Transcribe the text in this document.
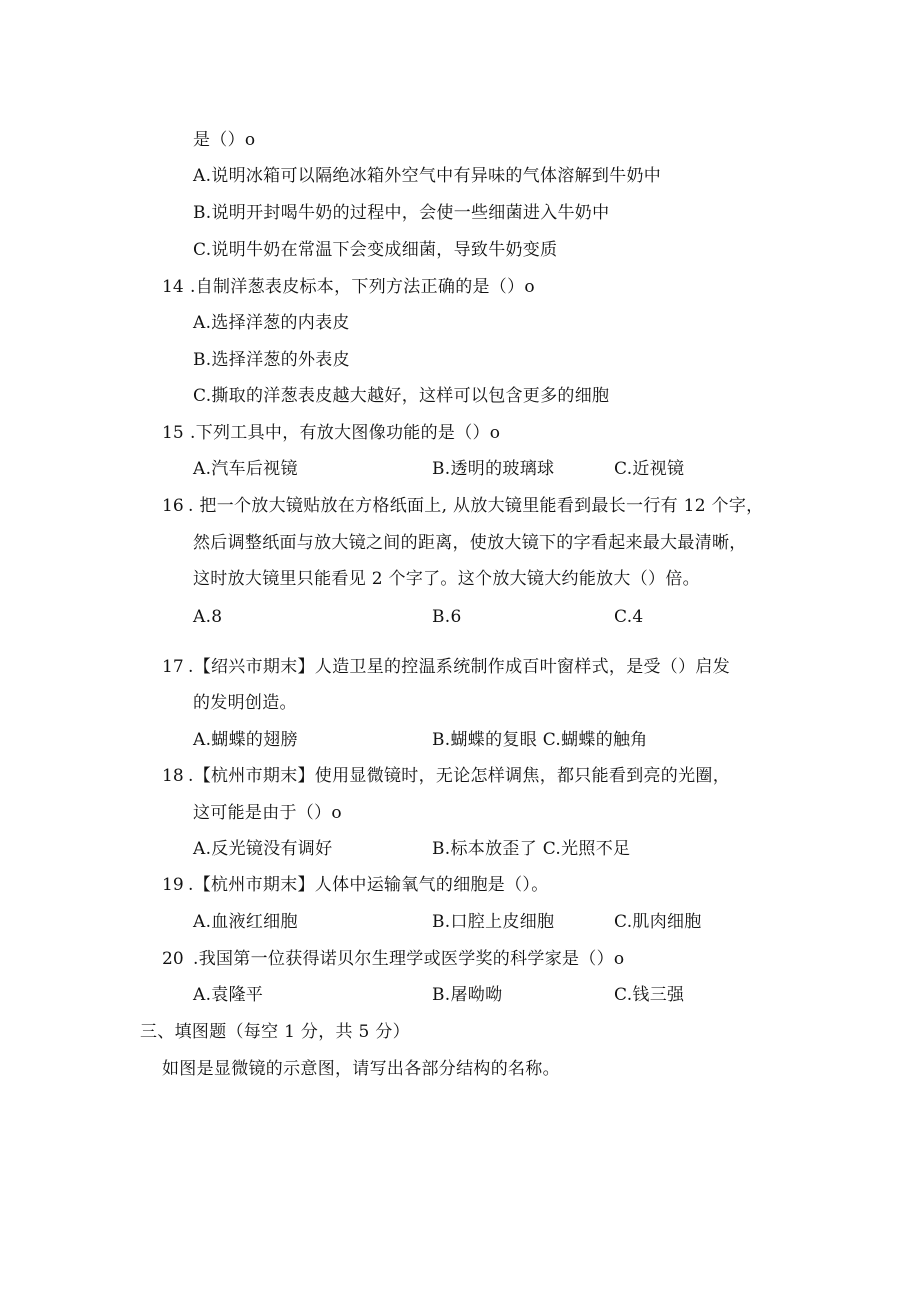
是（）o
A.说明冰箱可以隔绝冰箱外空气中有异味的气体溶解到牛奶中
B.说明开封喝牛奶的过程中，会使一些细菌进入牛奶中
C.说明牛奶在常温下会变成细菌，导致牛奶变质
14 .自制洋葱表皮标本，下列方法正确的是（）o
A.选择洋葱的内表皮
B.选择洋葱的外表皮
C.撕取的洋葱表皮越大越好，这样可以包含更多的细胞
15 .下列工具中，有放大图像功能的是（）o
A.汽车后视镜	B.透明的玻璃球	C.近视镜
16 . 把一个放大镜贴放在方格纸面上, 从放大镜里能看到最长一行有 12 个字，
然后调整纸面与放大镜之间的距离，使放大镜下的字看起来最大最清晰，
这时放大镜里只能看见 2 个字了。这个放大镜大约能放大（）倍。
A.8	B.6	C.4
17 .【绍兴市期末】人造卫星的控温系统制作成百叶窗样式，是受（）启发
的发明创造。
A.蝴蝶的翅膀	B.蝴蝶的复眼 C.蝴蝶的触角
18 .【杭州市期末】使用显微镜时，无论怎样调焦，都只能看到亮的光圈，
这可能是由于（）o
A.反光镜没有调好	B.标本放歪了 C.光照不足
19 .【杭州市期末】人体中运输氧气的细胞是（）。
A.血液红细胞	B.口腔上皮细胞	C.肌肉细胞
20 .我国第一位获得诺贝尔生理学或医学奖的科学家是（）o
A.袁隆平	B.屠呦呦	C.钱三强
三、填图题（每空 1 分，共 5 分）
如图是显微镜的示意图，请写出各部分结构的名称。
